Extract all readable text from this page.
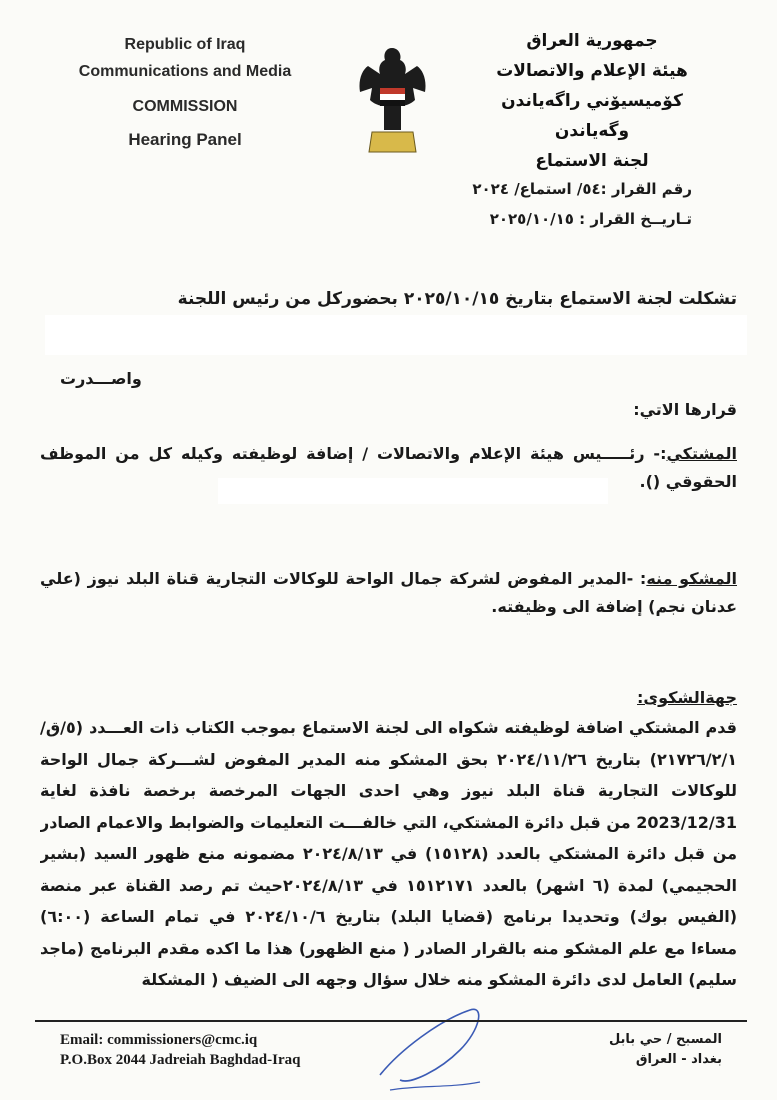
Republic of Iraq
Communications and Media
COMMISSION
Hearing Panel
جمهورية العراق
هيئة الإعلام والاتصالات
كۆميسيۆني راگەياندن وگەياندن
لجنة الاستماع
رقم القرار :٥٤/ استماع/ ٢٠٢٤
تـاريــخ القرار : ٢٠٢٥/١٠/١٥
تشكلت لجنة الاستماع بتاريخ ٢٠٢٥/١٠/١٥ بحضوركل من رئيس اللجنة
واصـــدرت
قرارها الاتي:
المشتكي:- رئـــــيس هيئة الإعلام والاتصالات / إضافة لوظيفته وكيله كل من الموظف الحقوقي ().
المشكو منه: -المدير المفوض لشركة جمال الواحة للوكالات التجارية قناة البلد نيوز (علي عدنان نجم) إضافة الى وظيفته.
جهةالشكوى:
قدم المشتكي اضافة لوظيفته شكواه الى لجنة الاستماع بموجب الكتاب ذات العـــدد (٥/ق/٢١٧٢٦/٢/١) بتاريخ ٢٠٢٤/١١/٢٦ بحق المشكو منه المدير المفوض لشـــركة جمال الواحة للوكالات التجارية قناة البلد نيوز وهي احدى الجهات المرخصة برخصة نافذة لغاية 2023/12/31 من قبل دائرة المشتكي، التي خالفـــت التعليمات والضوابط والاعمام الصادر من قبل دائرة المشتكي بالعدد (١٥١٢٨) في ٢٠٢٤/٨/١٣ مضمونه منع ظهور السيد (بشير الحجيمي) لمدة (٦ اشهر) بالعدد ١٥١٢١٧١ في ٢٠٢٤/٨/١٣حيث تم رصد القناة عبر منصة (الفيس بوك) وتحديدا برنامج (قضايا البلد) بتاريخ ٢٠٢٤/١٠/٦ في تمام الساعة (٦:٠٠) مساءا مع علم المشكو منه بالقرار الصادر ( منع الظهور) هذا ما اكده مقدم البرنامج (ماجد سليم) العامل لدى دائرة المشكو منه خلال سؤال وجهه الى الضيف ( المشكلة
Email: commissioners@cmc.iq
P.O.Box 2044 Jadreiah Baghdad-Iraq
المسبح / حي بابل
بغداد - العراق
